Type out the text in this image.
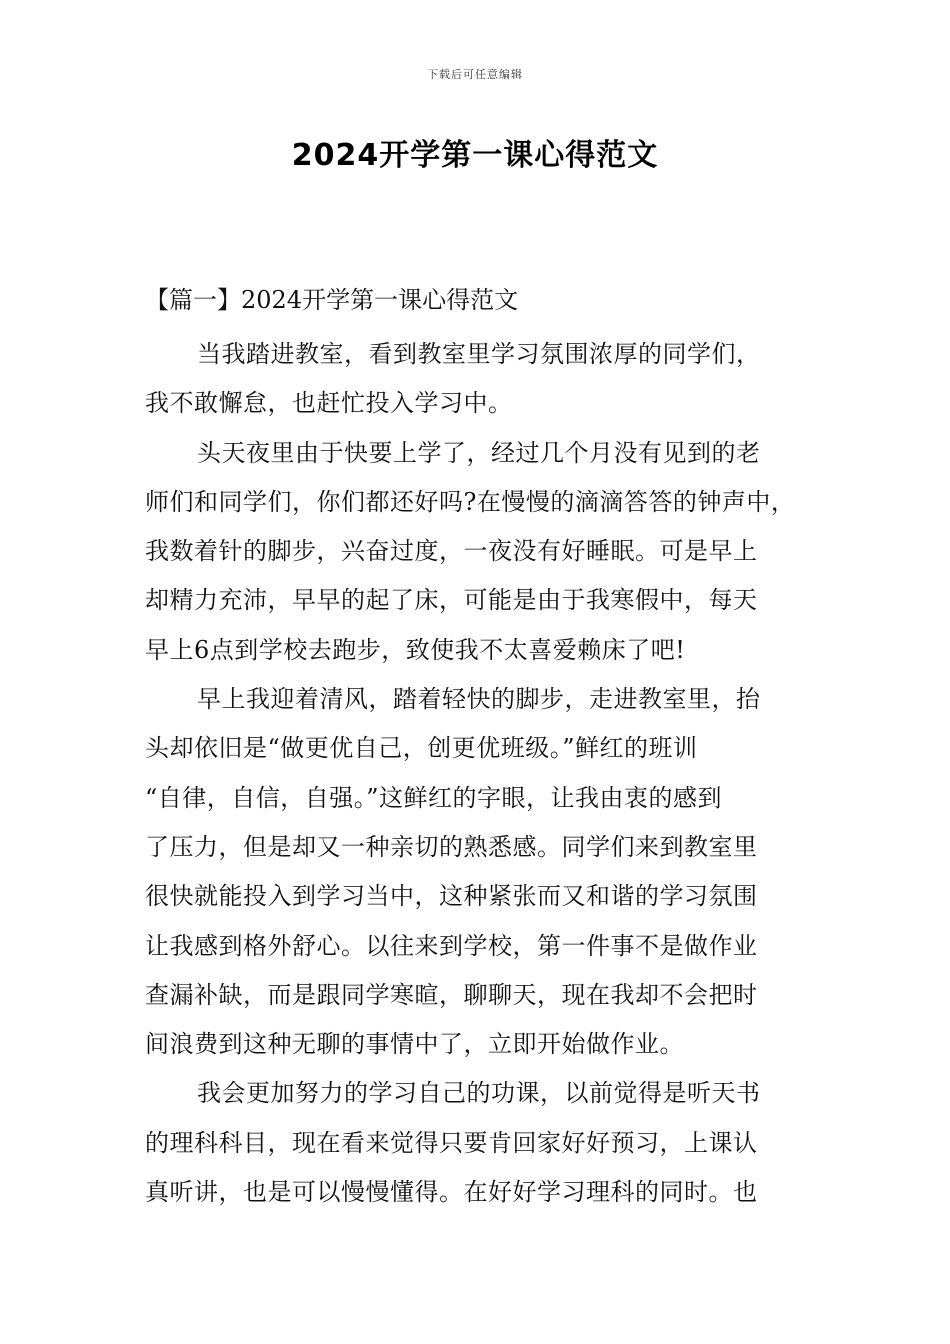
下载后可任意编辑
2024开学第一课心得范文
【篇一】2024开学第一课心得范文
当我踏进教室，看到教室里学习氛围浓厚的同学们，
我不敢懈怠，也赶忙投入学习中。
头天夜里由于快要上学了，经过几个月没有见到的老
师们和同学们，你们都还好吗?在慢慢的滴滴答答的钟声中，
我数着针的脚步，兴奋过度，一夜没有好睡眠。可是早上
却精力充沛，早早的起了床，可能是由于我寒假中，每天
早上6点到学校去跑步，致使我不太喜爱赖床了吧!
早上我迎着清风，踏着轻快的脚步，走进教室里，抬
头却依旧是“做更优自己，创更优班级。”鲜红的班训
“自律，自信，自强。”这鲜红的字眼，让我由衷的感到
了压力，但是却又一种亲切的熟悉感。同学们来到教室里
很快就能投入到学习当中，这种紧张而又和谐的学习氛围
让我感到格外舒心。以往来到学校，第一件事不是做作业
查漏补缺，而是跟同学寒暄，聊聊天，现在我却不会把时
间浪费到这种无聊的事情中了，立即开始做作业。
我会更加努力的学习自己的功课，以前觉得是听天书
的理科科目，现在看来觉得只要肯回家好好预习，上课认
真听讲，也是可以慢慢懂得。在好好学习理科的同时。也
